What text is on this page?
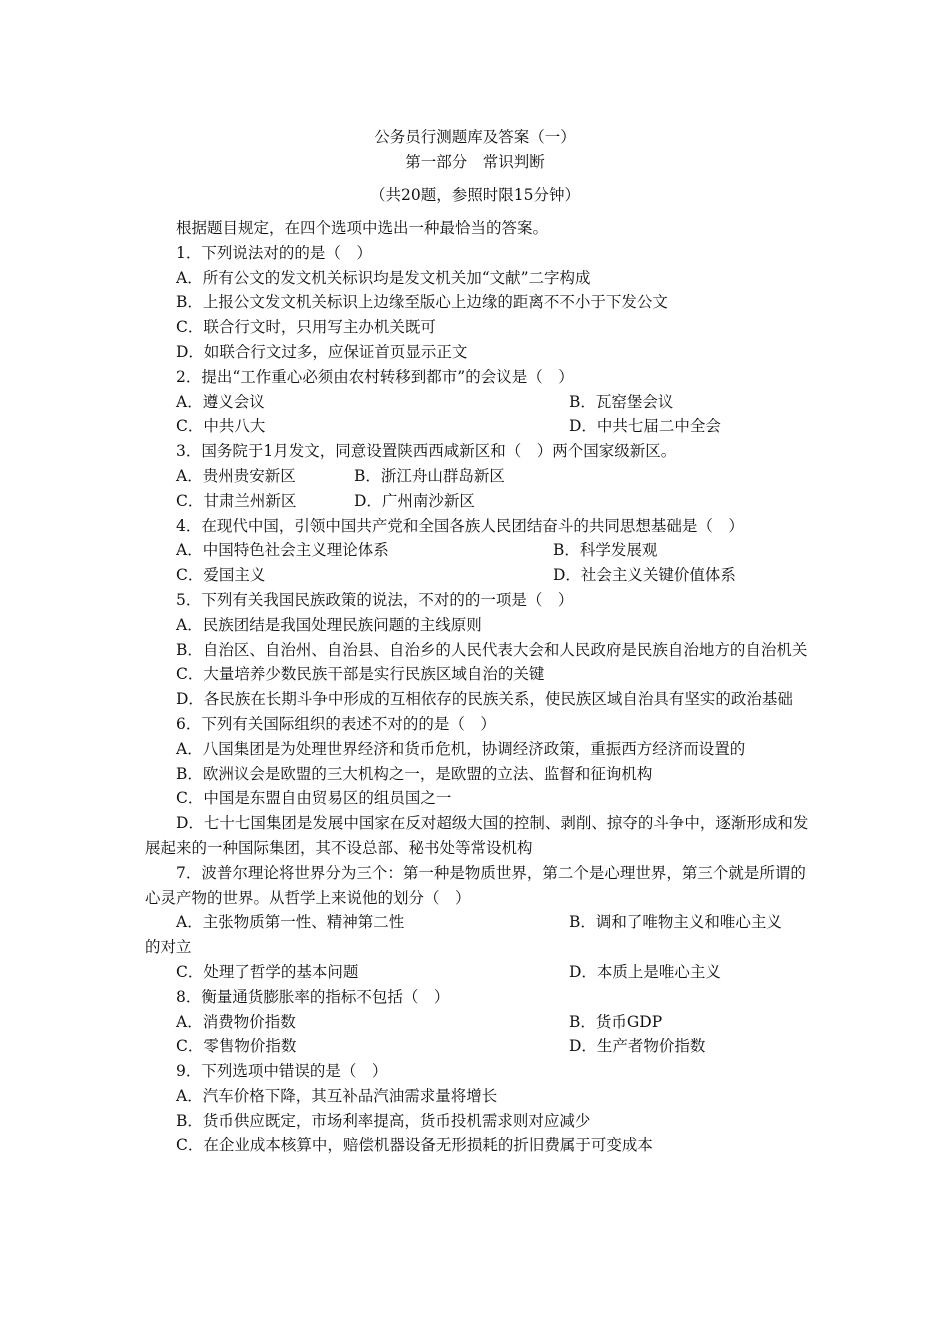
公务员行测题库及答案（一）
第一部分　常识判断
（共20题，参照时限15分钟）
根据题目规定，在四个选项中选出一种最恰当的答案。
1．下列说法对的的是（　）
A．所有公文的发文机关标识均是发文机关加“文献”二字构成
B．上报公文发文机关标识上边缘至版心上边缘的距离不不小于下发公文
C．联合行文时，只用写主办机关既可
D．如联合行文过多，应保证首页显示正文
2．提出“工作重心必须由农村转移到都市”的会议是（　）
A．遵义会议	B．瓦窑堡会议
C．中共八大	D．中共七届二中全会
3．国务院于1月发文，同意设置陕西西咸新区和（　）两个国家级新区。
A．贵州贵安新区	B．浙江舟山群岛新区
C．甘肃兰州新区	D．广州南沙新区
4．在现代中国，引领中国共产党和全国各族人民团结奋斗的共同思想基础是（　）
A．中国特色社会主义理论体系	B．科学发展观
C．爱国主义	D．社会主义关键价值体系
5．下列有关我国民族政策的说法，不对的的一项是（　）
A．民族团结是我国处理民族问题的主线原则
B．自治区、自治州、自治县、自治乡的人民代表大会和人民政府是民族自治地方的自治机关
C．大量培养少数民族干部是实行民族区域自治的关键
D．各民族在长期斗争中形成的互相依存的民族关系，使民族区域自治具有坚实的政治基础
6．下列有关国际组织的表述不对的的是（　）
A．八国集团是为处理世界经济和货币危机，协调经济政策，重振西方经济而设置的
B．欧洲议会是欧盟的三大机构之一，是欧盟的立法、监督和征询机构
C．中国是东盟自由贸易区的组员国之一
D．七十七国集团是发展中国家在反对超级大国的控制、剥削、掠夺的斗争中，逐渐形成和发展起来的一种国际集团，其不设总部、秘书处等常设机构
7．波普尔理论将世界分为三个：第一种是物质世界，第二个是心理世界，第三个就是所谓的心灵产物的世界。从哲学上来说他的划分（　）
A．主张物质第一性、精神第二性	B．调和了唯物主义和唯心主义
的对立
C．处理了哲学的基本问题	D．本质上是唯心主义
8．衡量通货膨胀率的指标不包括（　）
A．消费物价指数	B．货币GDP
C．零售物价指数	D．生产者物价指数
9．下列选项中错误的是（　）
A．汽车价格下降，其互补品汽油需求量将增长
B．货币供应既定，市场利率提高，货币投机需求则对应减少
C．在企业成本核算中，赔偿机器设备无形损耗的折旧费属于可变成本
